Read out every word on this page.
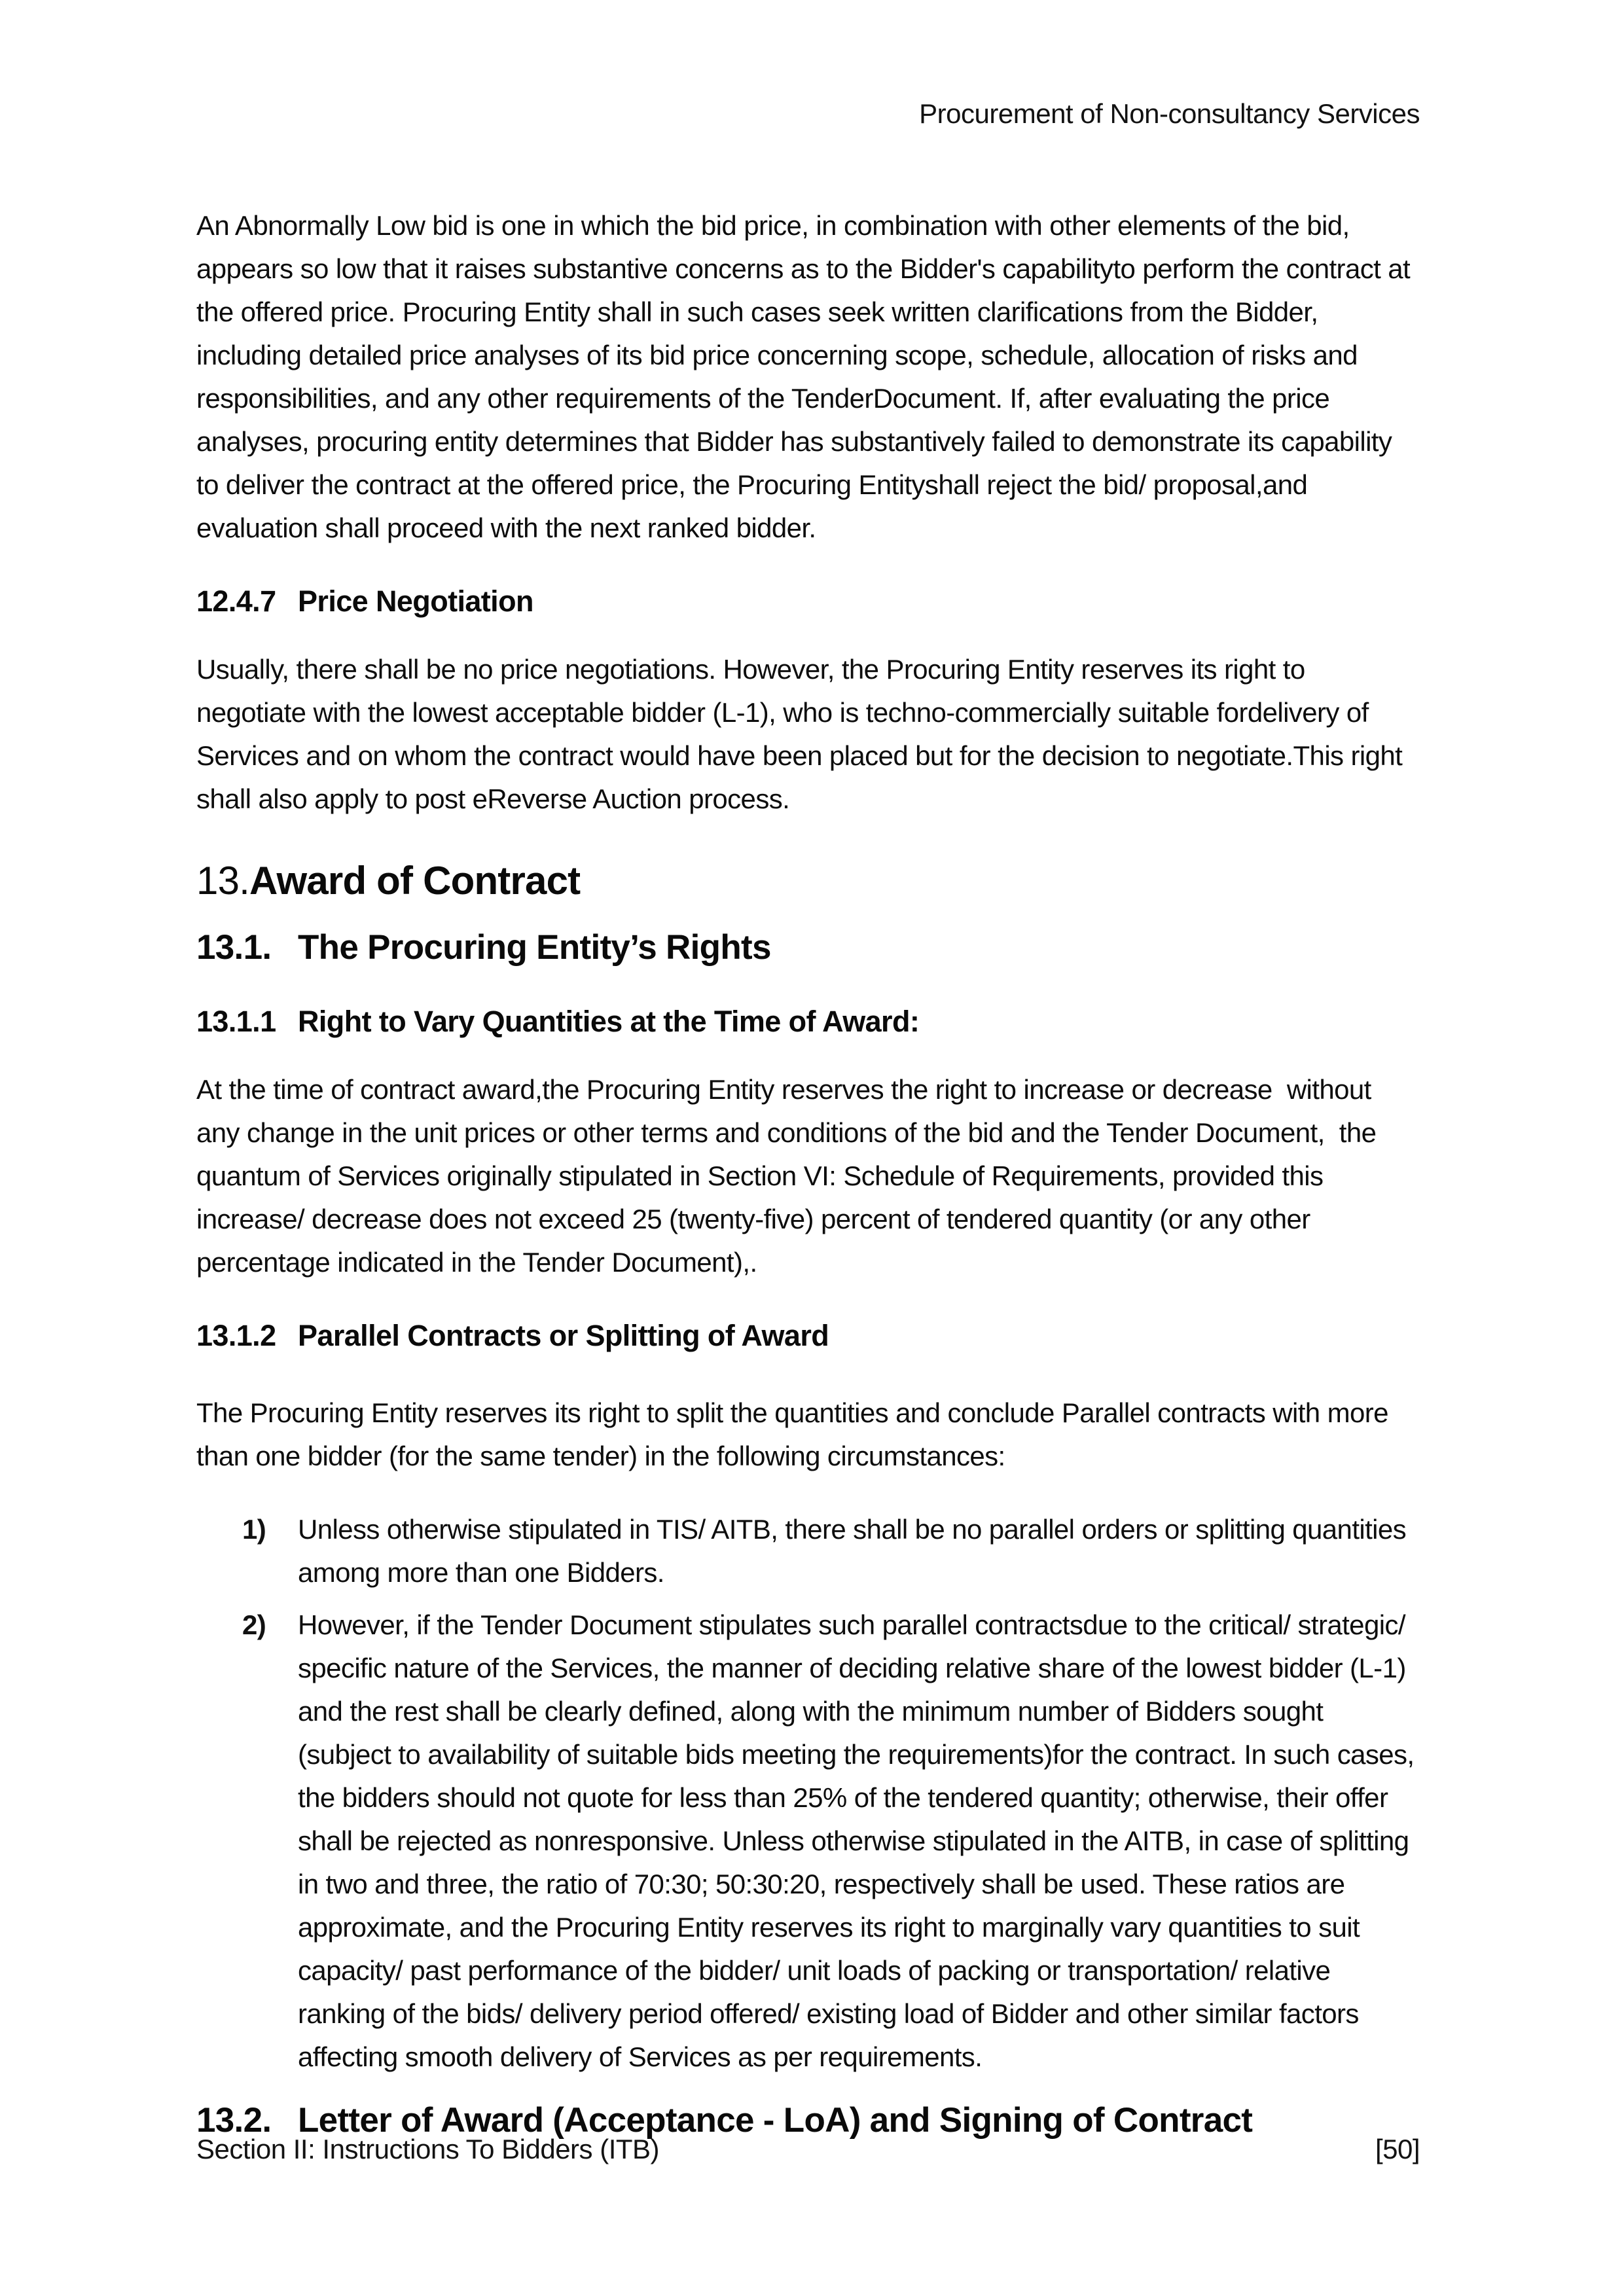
Procurement of Non-consultancy Services

An Abnormally Low bid is one in which the bid price, in combination with other elements of the bid, appears so low that it raises substantive concerns as to the Bidder's capabilityto perform the contract at the offered price. Procuring Entity shall in such cases seek written clarifications from the Bidder, including detailed price analyses of its bid price concerning scope, schedule, allocation of risks and responsibilities, and any other requirements of the TenderDocument. If, after evaluating the price analyses, procuring entity determines that Bidder has substantively failed to demonstrate its capability to deliver the contract at the offered price, the Procuring Entityshall reject the bid/ proposal,and evaluation shall proceed with the next ranked bidder.

12.4.7 Price Negotiation

Usually, there shall be no price negotiations. However, the Procuring Entity reserves its right to negotiate with the lowest acceptable bidder (L-1), who is techno-commercially suitable fordelivery of Services and on whom the contract would have been placed but for the decision to negotiate.This right shall also apply to post eReverse Auction process.

13.Award of Contract
13.1. The Procuring Entity’s Rights
13.1.1 Right to Vary Quantities at the Time of Award:

At the time of contract award,the Procuring Entity reserves the right to increase or decrease  without any change in the unit prices or other terms and conditions of the bid and the Tender Document,  the quantum of Services originally stipulated in Section VI: Schedule of Requirements, provided this increase/ decrease does not exceed 25 (twenty-five) percent of tendered quantity (or any other percentage indicated in the Tender Document),.

13.1.2 Parallel Contracts or Splitting of Award

The Procuring Entity reserves its right to split the quantities and conclude Parallel contracts with more than one bidder (for the same tender) in the following circumstances:

1)	Unless otherwise stipulated in TIS/ AITB, there shall be no parallel orders or splitting quantities among more than one Bidders.
2)	However, if the Tender Document stipulates such parallel contractsdue to the critical/ strategic/ specific nature of the Services, the manner of deciding relative share of the lowest bidder (L-1) and the rest shall be clearly defined, along with the minimum number of Bidders sought (subject to availability of suitable bids meeting the requirements)for the contract. In such cases, the bidders should not quote for less than 25% of the tendered quantity; otherwise, their offer shall be rejected as nonresponsive. Unless otherwise stipulated in the AITB, in case of splitting in two and three, the ratio of 70:30; 50:30:20, respectively shall be used. These ratios are approximate, and the Procuring Entity reserves its right to marginally vary quantities to suit capacity/ past performance of the bidder/ unit loads of packing or transportation/ relative ranking of the bids/ delivery period offered/ existing load of Bidder and other similar factors affecting smooth delivery of Services as per requirements.
13.2. Letter of Award (Acceptance - LoA) and Signing of Contract
Section II: Instructions To Bidders (ITB)	[50]
